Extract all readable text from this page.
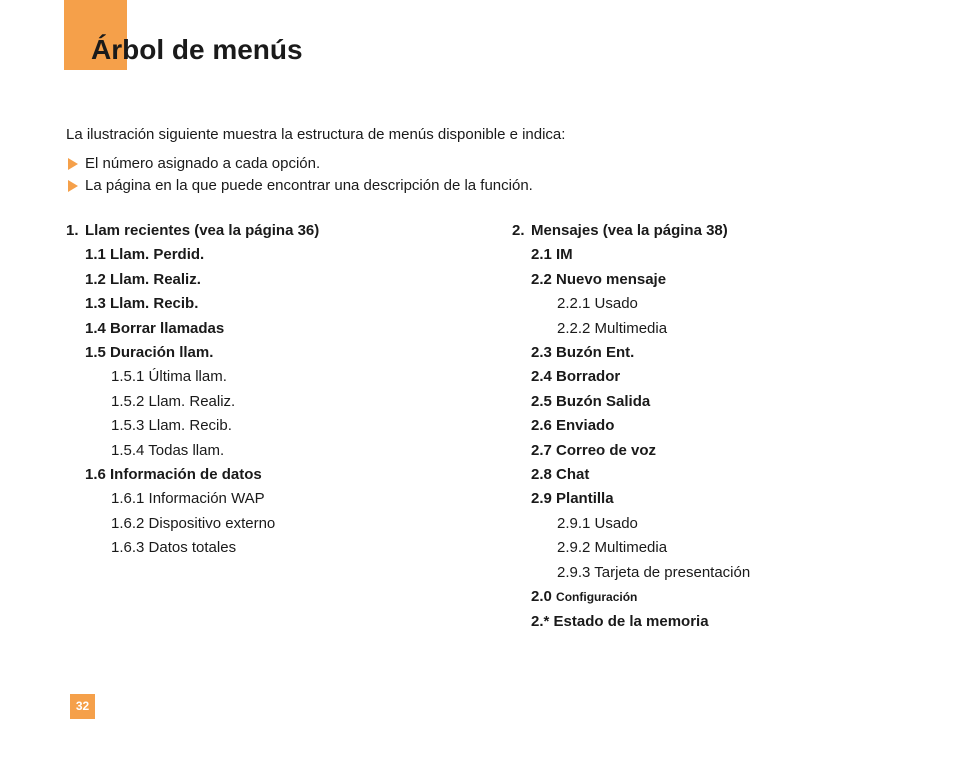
Árbol de menús
La ilustración siguiente muestra la estructura de menús disponible e indica:
El número asignado a cada opción.
La página en la que puede encontrar una descripción de la función.
1. Llam recientes (vea la página 36)
1.1 Llam. Perdid.
1.2 Llam. Realiz.
1.3 Llam. Recib.
1.4 Borrar llamadas
1.5 Duración llam.
1.5.1 Última llam.
1.5.2 Llam. Realiz.
1.5.3 Llam. Recib.
1.5.4 Todas llam.
1.6 Información de datos
1.6.1 Información WAP
1.6.2 Dispositivo externo
1.6.3 Datos totales
2. Mensajes (vea la página 38)
2.1 IM
2.2 Nuevo mensaje
2.2.1 Usado
2.2.2 Multimedia
2.3 Buzón Ent.
2.4 Borrador
2.5 Buzón Salida
2.6 Enviado
2.7 Correo de voz
2.8 Chat
2.9 Plantilla
2.9.1 Usado
2.9.2 Multimedia
2.9.3 Tarjeta de presentación
2.0 Configuración
2.* Estado de la memoria
32
